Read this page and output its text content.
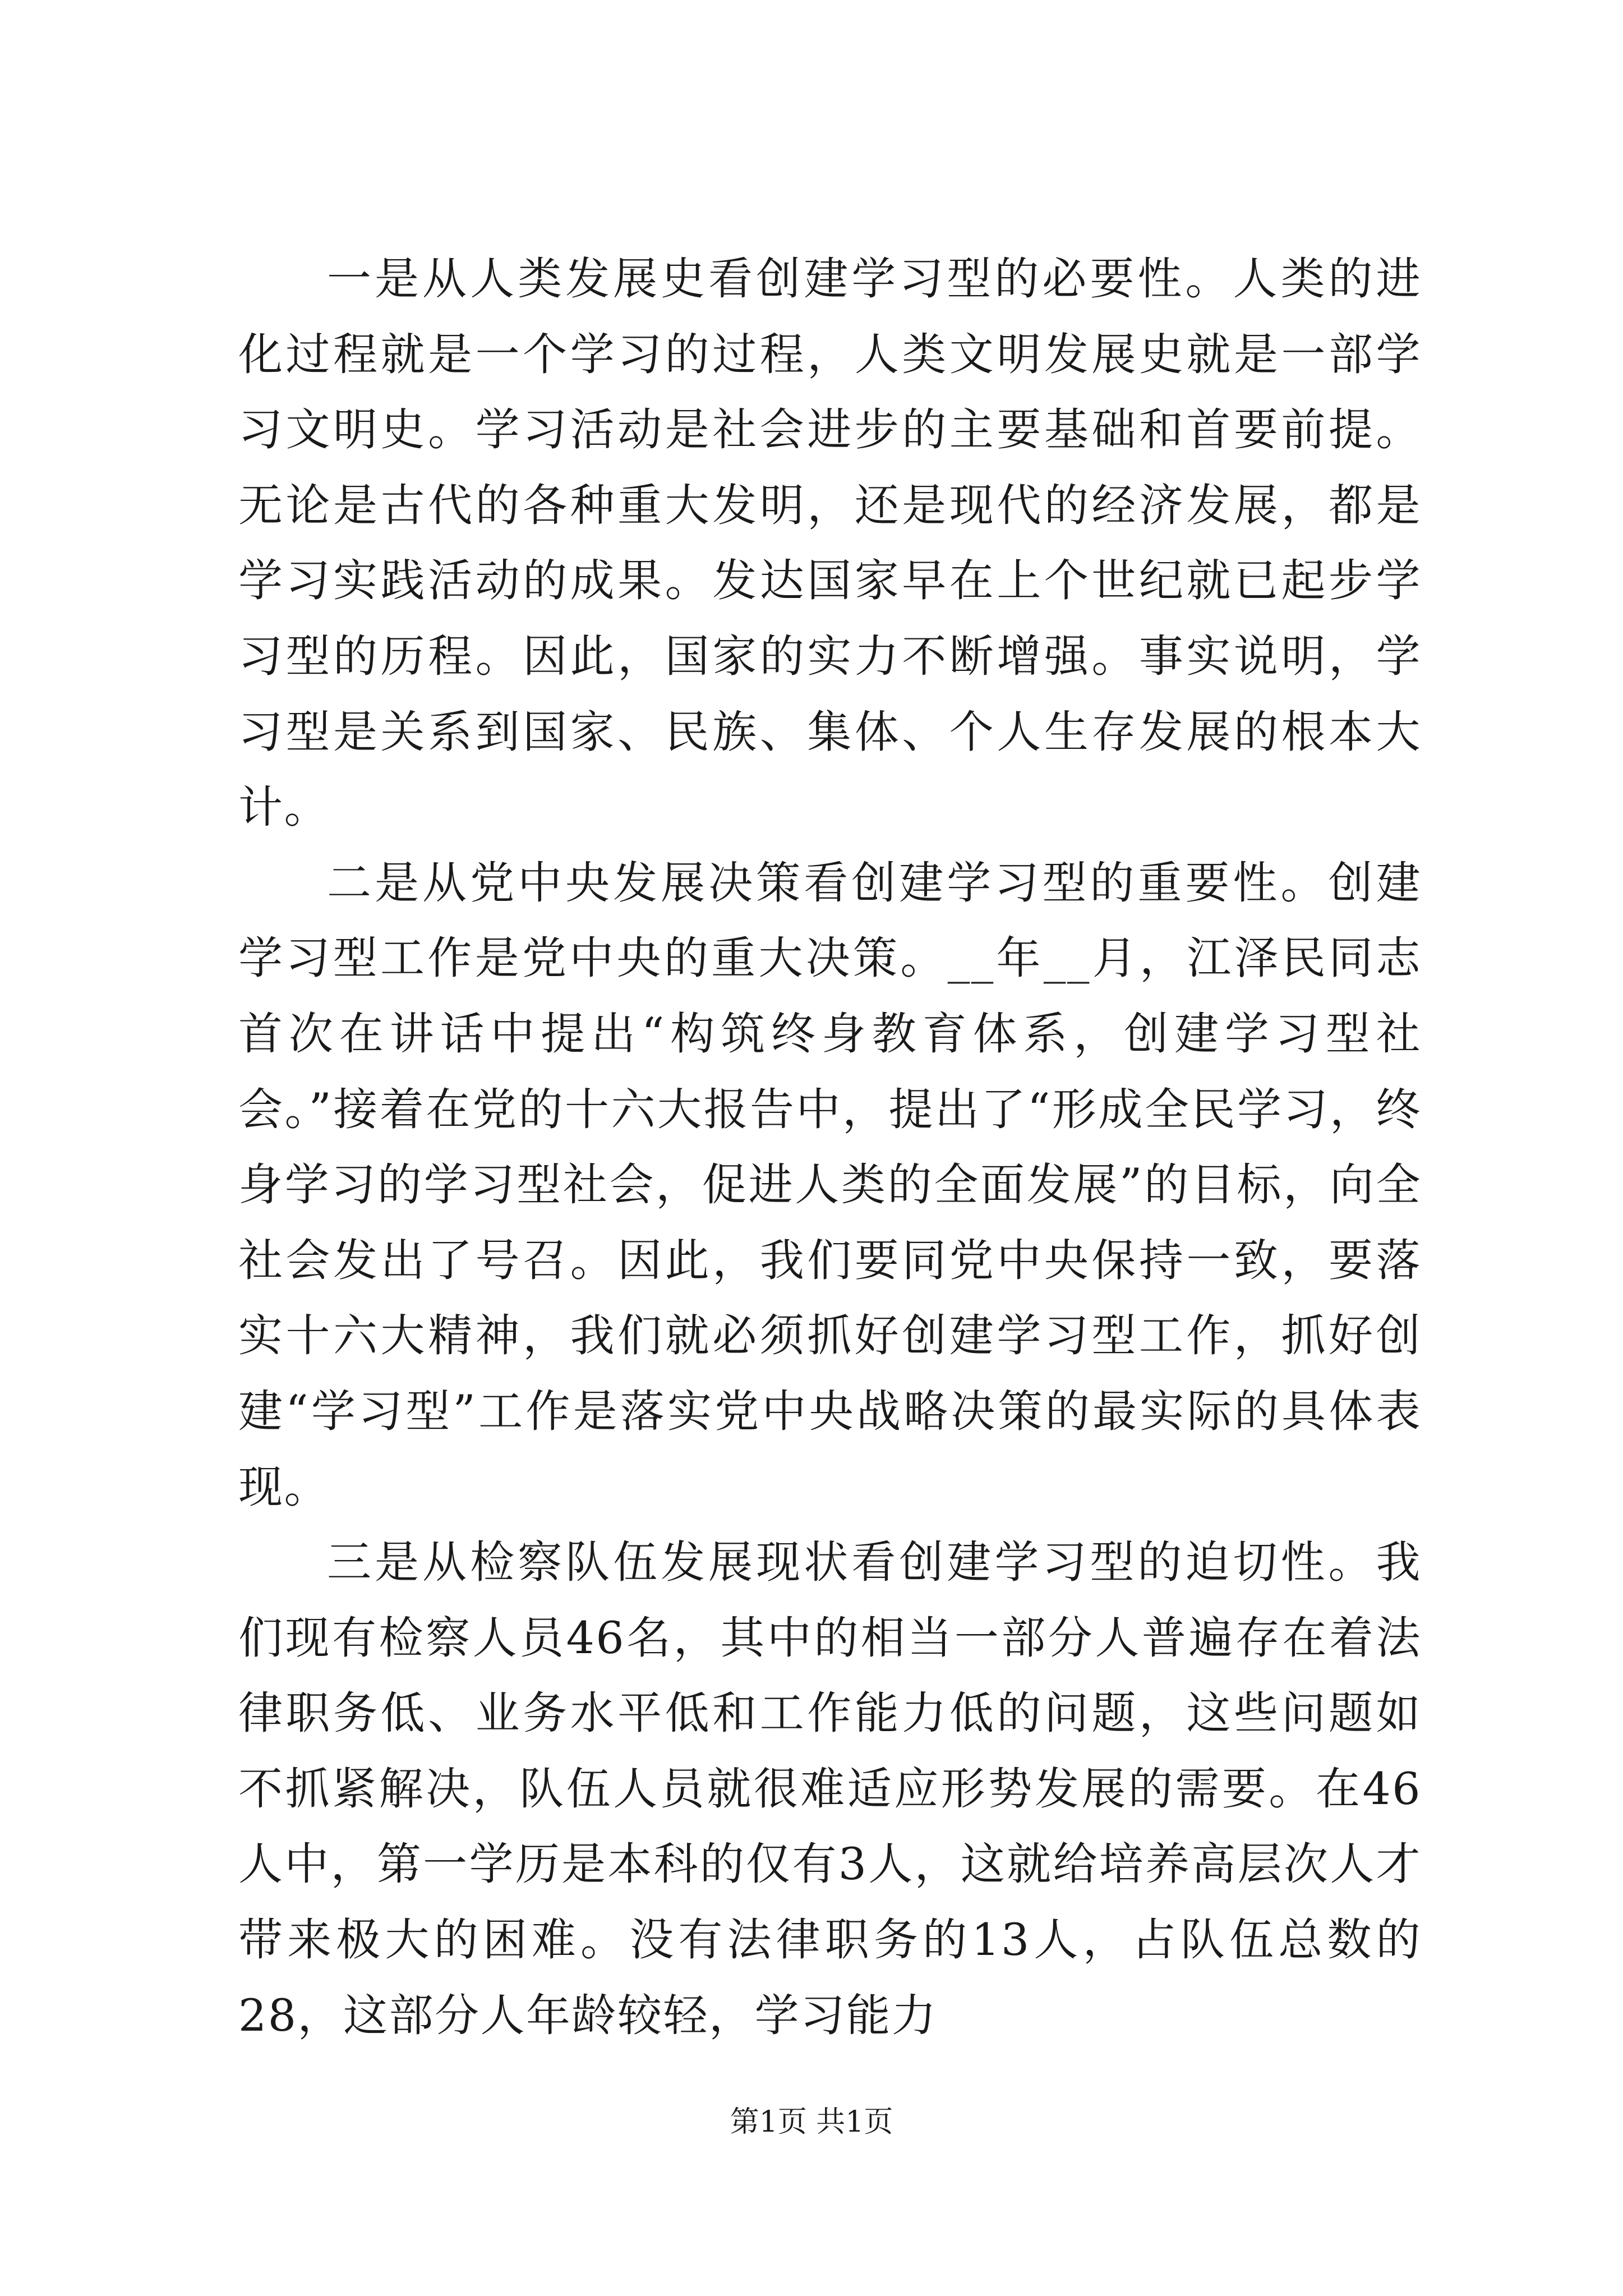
一是从人类发展史看创建学习型的必要性。人类的进化过程就是一个学习的过程，人类文明发展史就是一部学习文明史。学习活动是社会进步的主要基础和首要前提。无论是古代的各种重大发明，还是现代的经济发展，都是学习实践活动的成果。发达国家早在上个世纪就已起步学习型的历程。因此，国家的实力不断增强。事实说明，学习型是关系到国家、民族、集体、个人生存发展的根本大计。

二是从党中央发展决策看创建学习型的重要性。创建学习型工作是党中央的重大决策。__年__月，江泽民同志首次在讲话中提出“构筑终身教育体系，创建学习型社会。”接着在党的十六大报告中，提出了“形成全民学习，终身学习的学习型社会，促进人类的全面发展”的目标，向全社会发出了号召。因此，我们要同党中央保持一致，要落实十六大精神，我们就必须抓好创建学习型工作，抓好创建“学习型”工作是落实党中央战略决策的最实际的具体表现。

三是从检察队伍发展现状看创建学习型的迫切性。我们现有检察人员46名，其中的相当一部分人普遍存在着法律职务低、业务水平低和工作能力低的问题，这些问题如不抓紧解决，队伍人员就很难适应形势发展的需要。在46人中，第一学历是本科的仅有3人，这就给培养高层次人才带来极大的困难。没有法律职务的13人，占队伍总数的28，这部分人年龄较轻，学习能力

第1页 共1页
